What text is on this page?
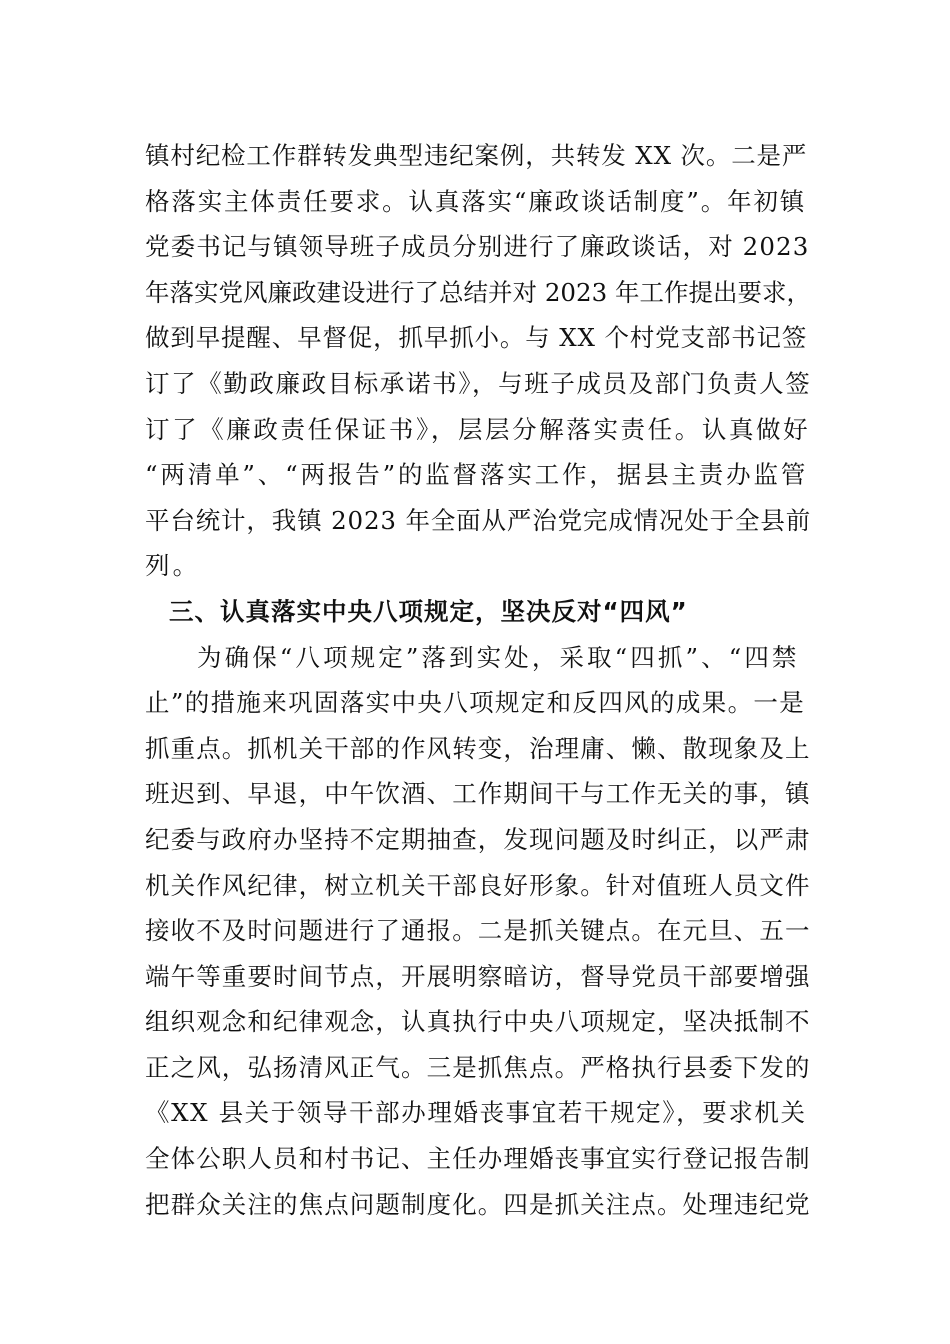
镇村纪检工作群转发典型违纪案例，共转发 XX 次。二是严
格落实主体责任要求。认真落实“廉政谈话制度”。年初镇
党委书记与镇领导班子成员分别进行了廉政谈话，对 2023
年落实党风廉政建设进行了总结并对 2023 年工作提出要求，
做到早提醒、早督促，抓早抓小。与 XX 个村党支部书记签
订了《勤政廉政目标承诺书》，与班子成员及部门负责人签
订了《廉政责任保证书》，层层分解落实责任。认真做好
“两清单”、“两报告”的监督落实工作，据县主责办监管
平台统计，我镇 2023 年全面从严治党完成情况处于全县前
列。
三、认真落实中央八项规定，坚决反对“四风”
为确保“八项规定”落到实处，采取“四抓”、“四禁
止”的措施来巩固落实中央八项规定和反四风的成果。一是
抓重点。抓机关干部的作风转变，治理庸、懒、散现象及上
班迟到、早退，中午饮酒、工作期间干与工作无关的事，镇
纪委与政府办坚持不定期抽查，发现问题及时纠正，以严肃
机关作风纪律，树立机关干部良好形象。针对值班人员文件
接收不及时问题进行了通报。二是抓关键点。在元旦、五一
端午等重要时间节点，开展明察暗访，督导党员干部要增强
组织观念和纪律观念，认真执行中央八项规定，坚决抵制不
正之风，弘扬清风正气。三是抓焦点。严格执行县委下发的
《XX 县关于领导干部办理婚丧事宜若干规定》，要求机关
全体公职人员和村书记、主任办理婚丧事宜实行登记报告制
把群众关注的焦点问题制度化。四是抓关注点。处理违纪党
